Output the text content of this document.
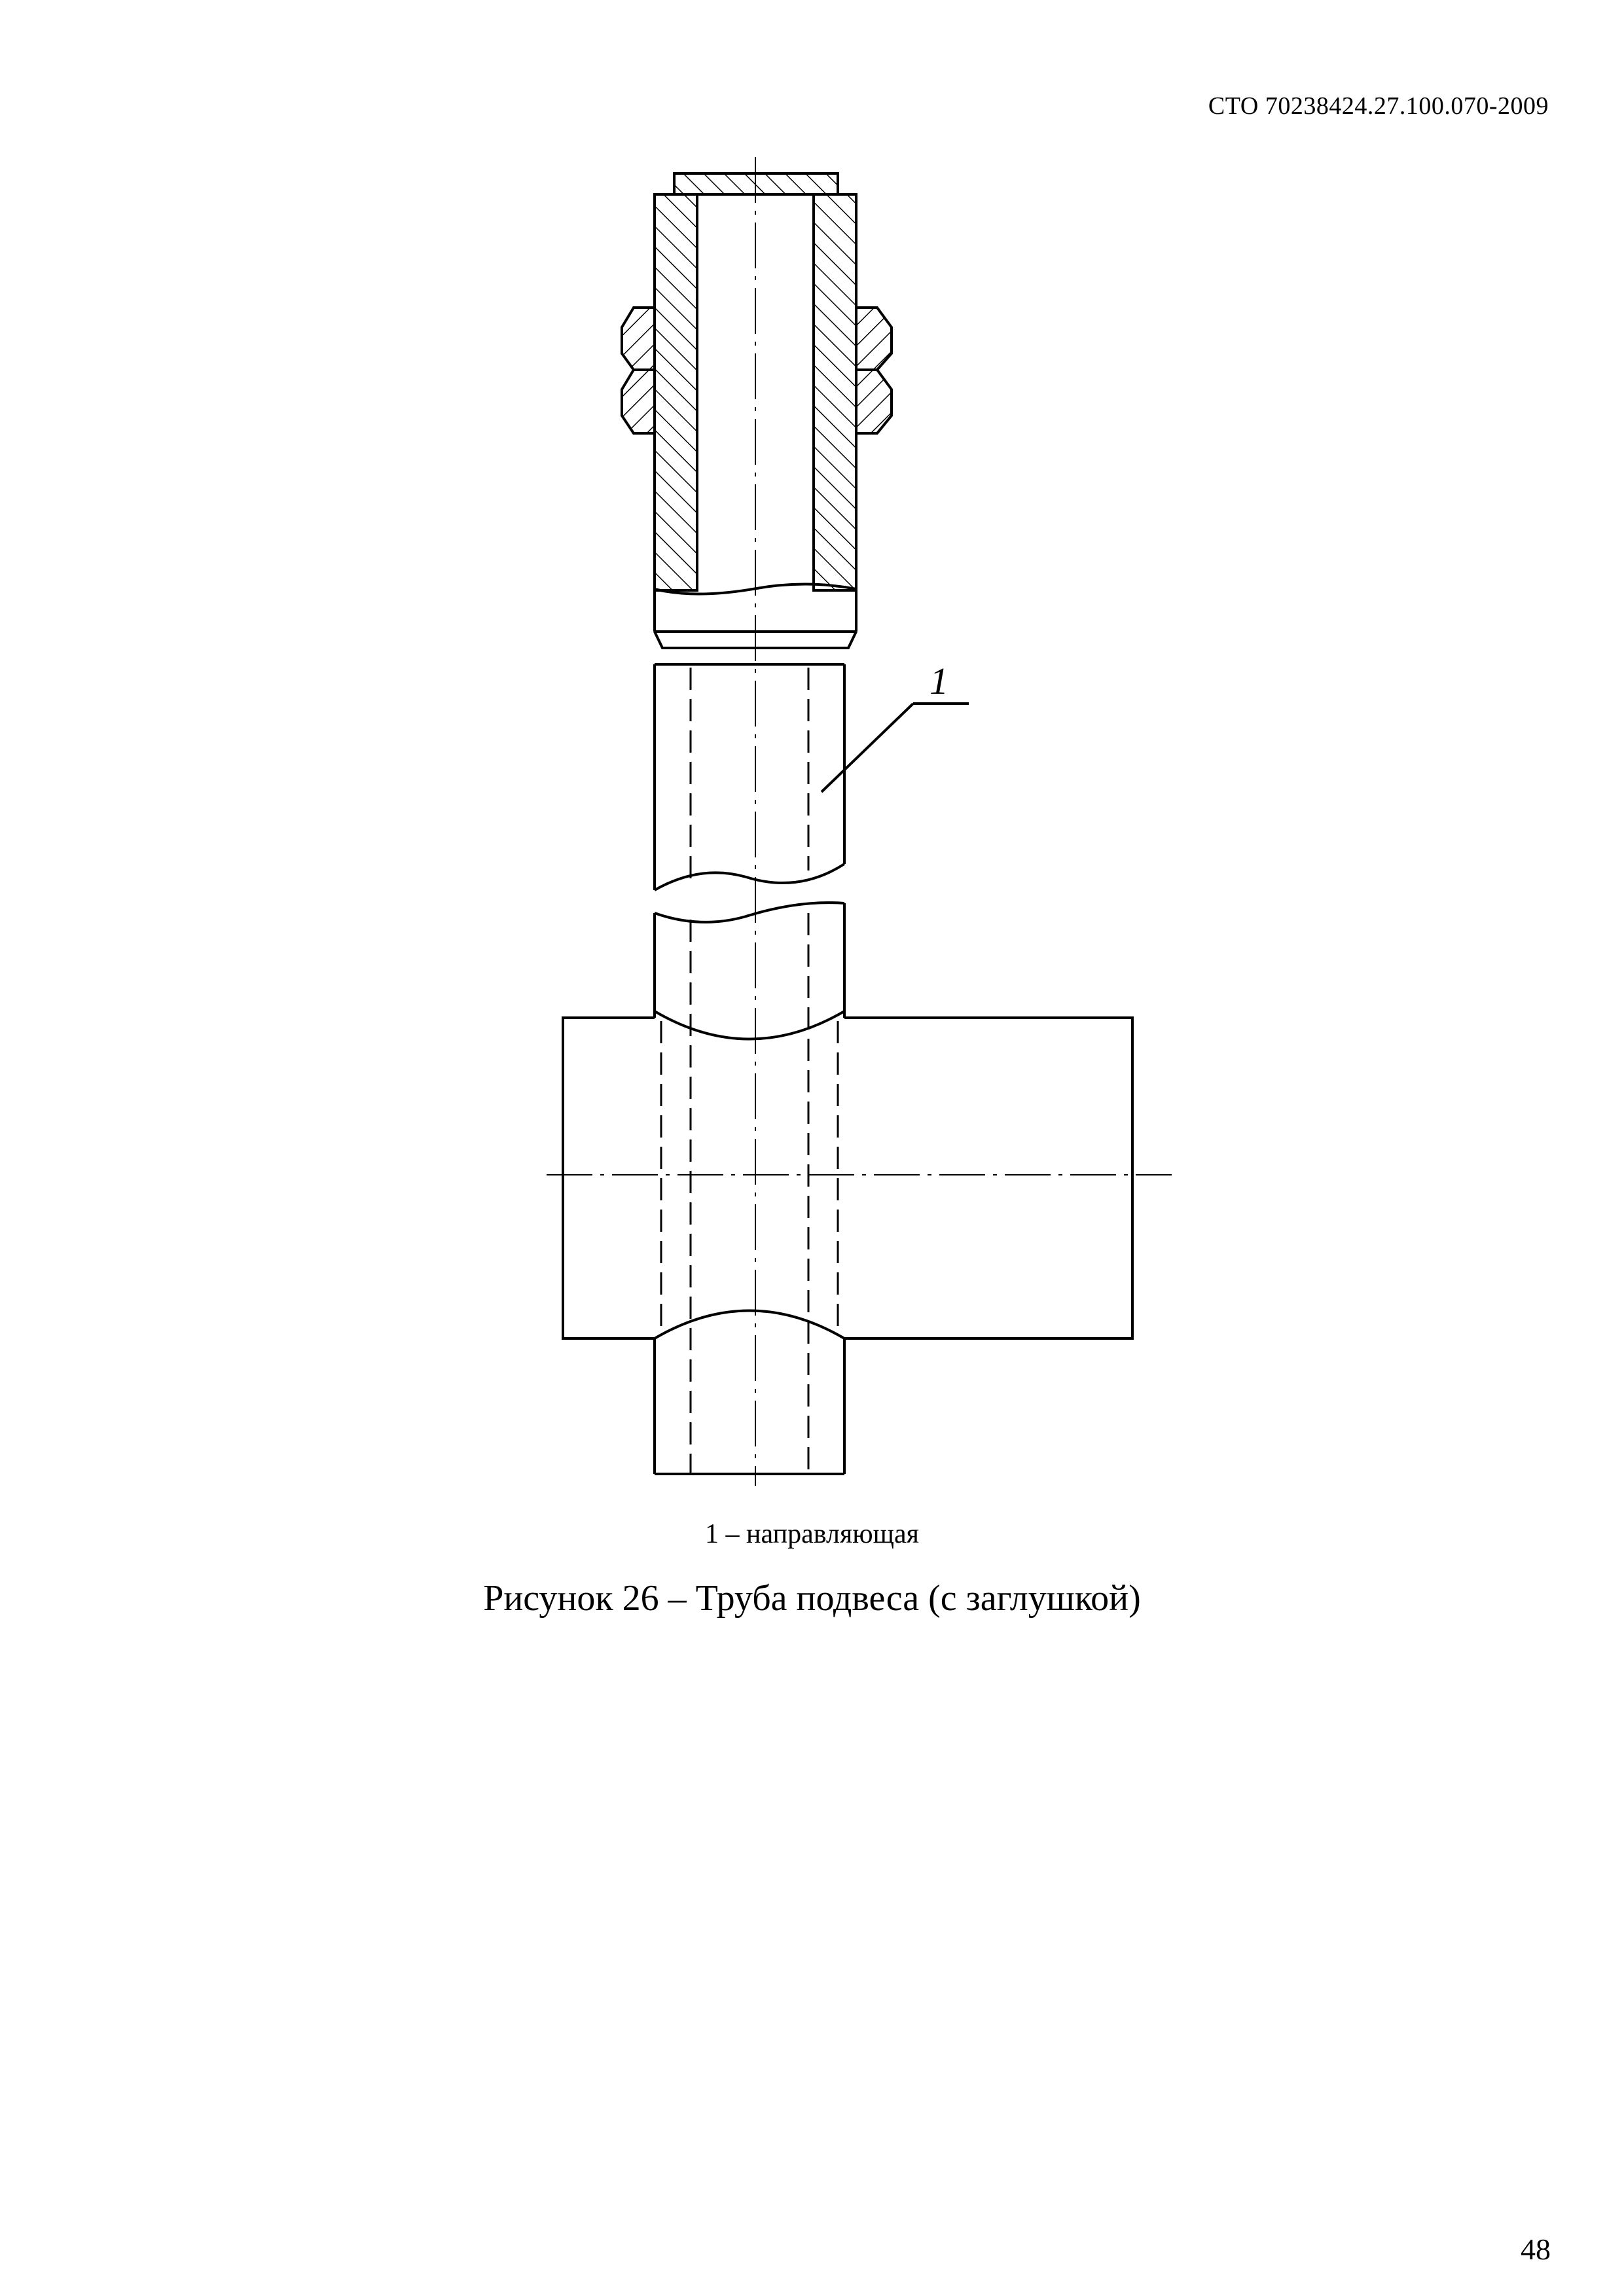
СТО 70238424.27.100.070-2009
1
1 – направляющая
Рисунок 26 – Труба подвеса (с заглушкой)
48
